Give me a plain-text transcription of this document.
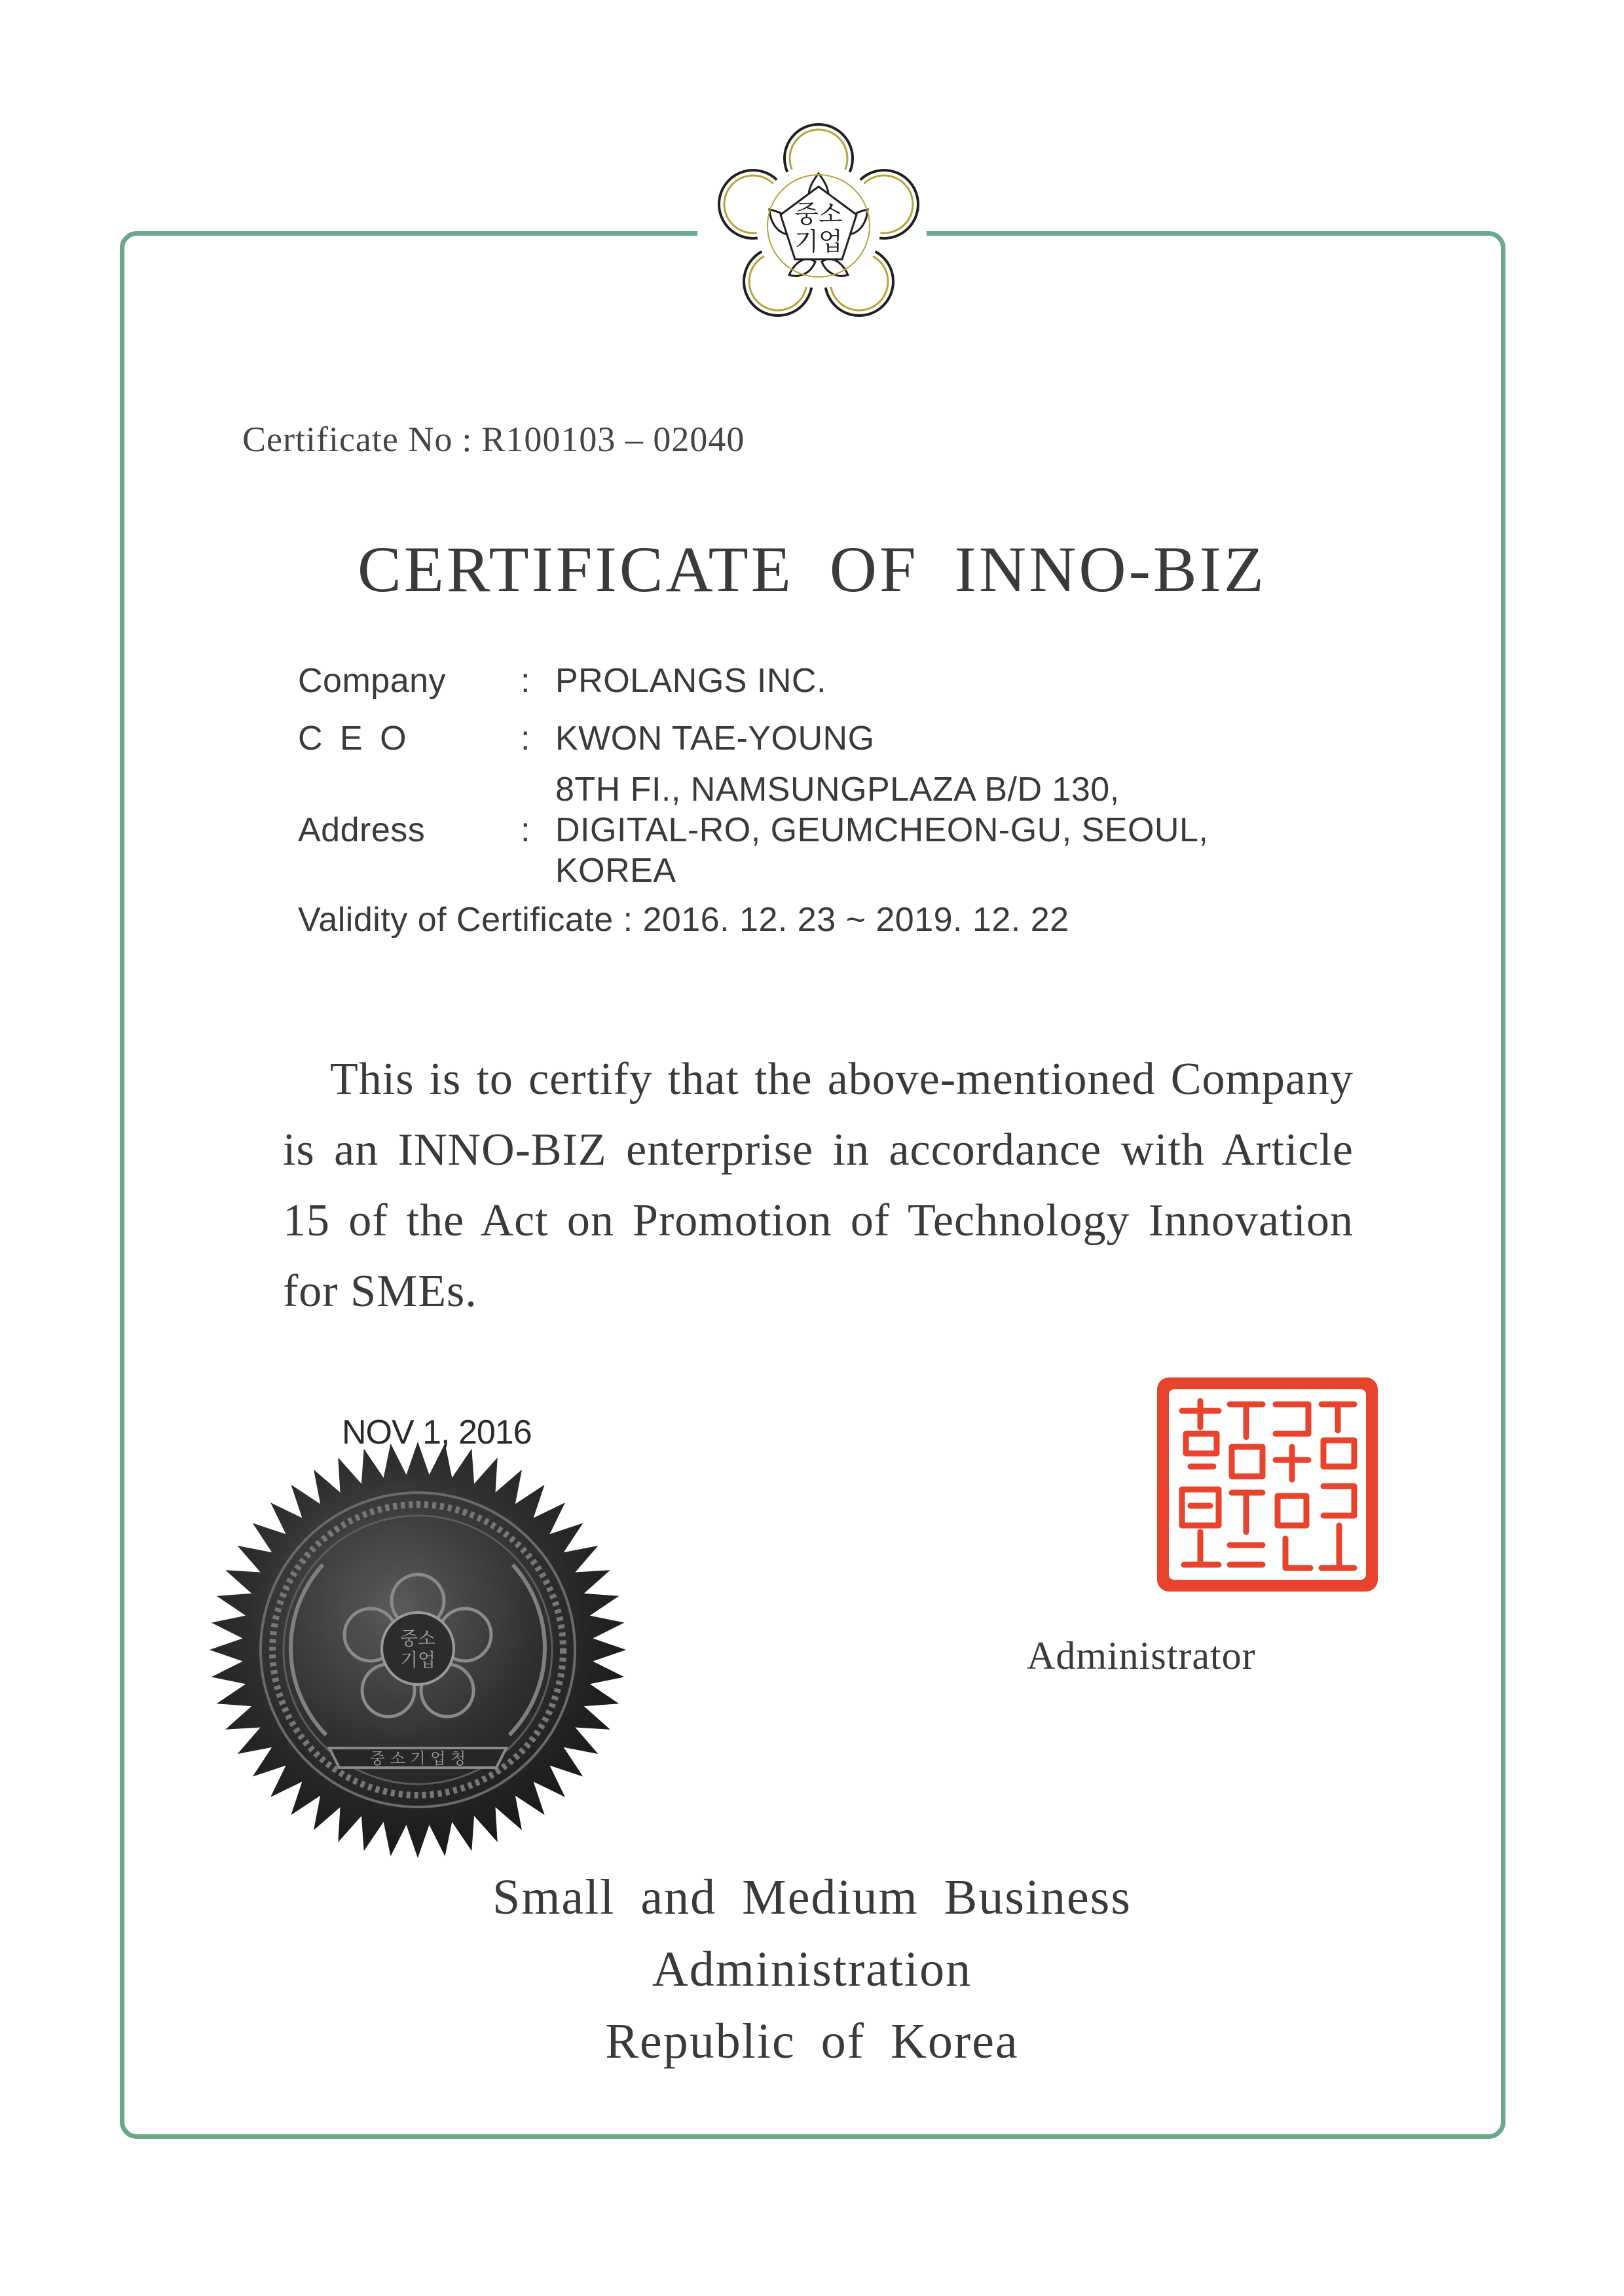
중소
기업
Certificate No : R100103 – 02040
CERTIFICATE OF INNO-BIZ
Company : PROLANGS INC.
C E O	: KWON TAE-YOUNG
Address	:
8TH FI., NAMSUNGPLAZA B/D 130,
DIGITAL-RO, GEUMCHEON-GU, SEOUL,
KOREA
Validity of Certificate : 2016. 12. 23 ~ 2019. 12. 22
This is to certify that the above-mentioned Company is an INNO-BIZ enterprise in accordance with Article 15 of the Act on Promotion of Technology Innovation for SMEs.
NOV 1, 2016
중소
기업
중 소 기 업 청
Administrator
Small and Medium Business
Administration
Republic of Korea
